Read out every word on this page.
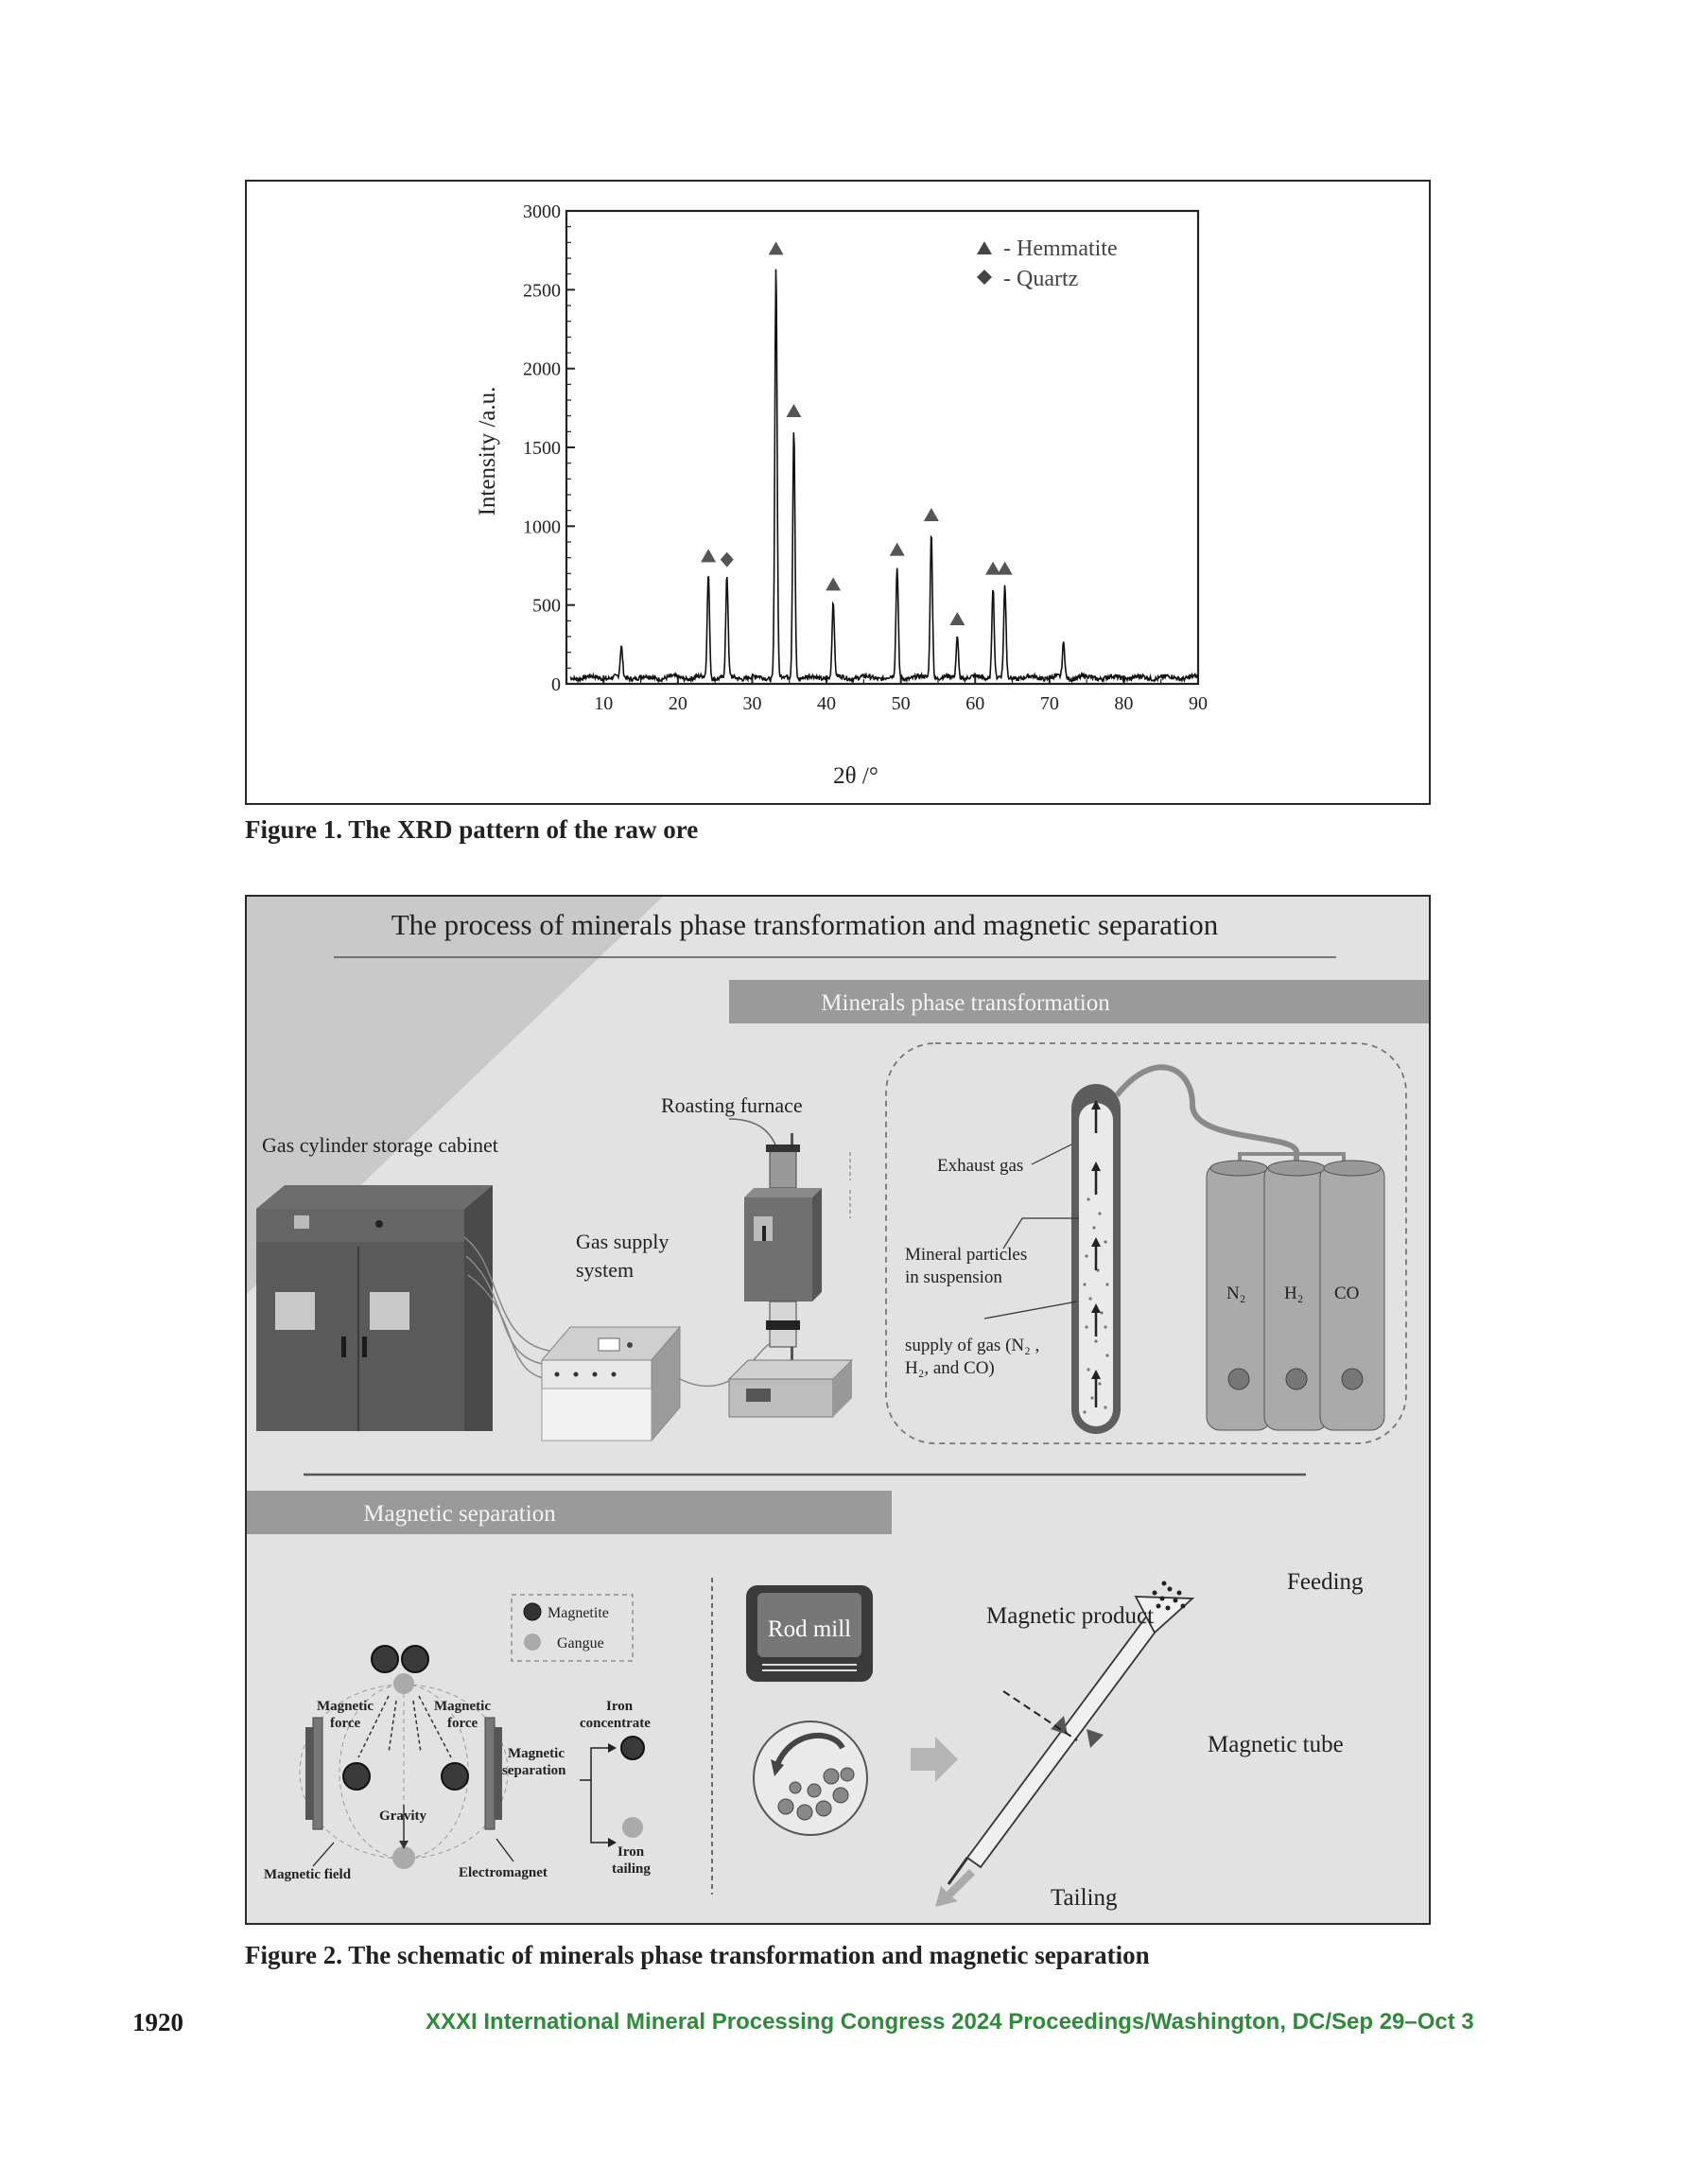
0
500
1000
1500
2000
2500
3000
10	20	30	40	50	60	70	80	90
Intensity /a.u.
2θ /°
- Hemmatite
- Quartz
Figure 1. The XRD pattern of the raw ore
The process of minerals phase transformation and magnetic separation
Minerals phase transformation
Gas cylinder storage cabinet
Gas supply
system
Roasting furnace
Exhaust gas
Mineral particles
in suspension
supply of gas (N₂ ,
H₂, and CO)
N₂ H₂ CO
Magnetic separation
Magnetite
Gangue
Magnetic
force
Magnetic
force
Gravity
Magnetic field	Electromagnet
Magnetic
separation
Iron
concentrate
Iron
tailing
Rod mill
Magnetic product
Feeding
Magnetic tube
Tailing
Figure 2. The schematic of minerals phase transformation and magnetic separation
1920	XXXI International Mineral Processing Congress 2024 Proceedings/Washington, DC/Sep 29–Oct 3
